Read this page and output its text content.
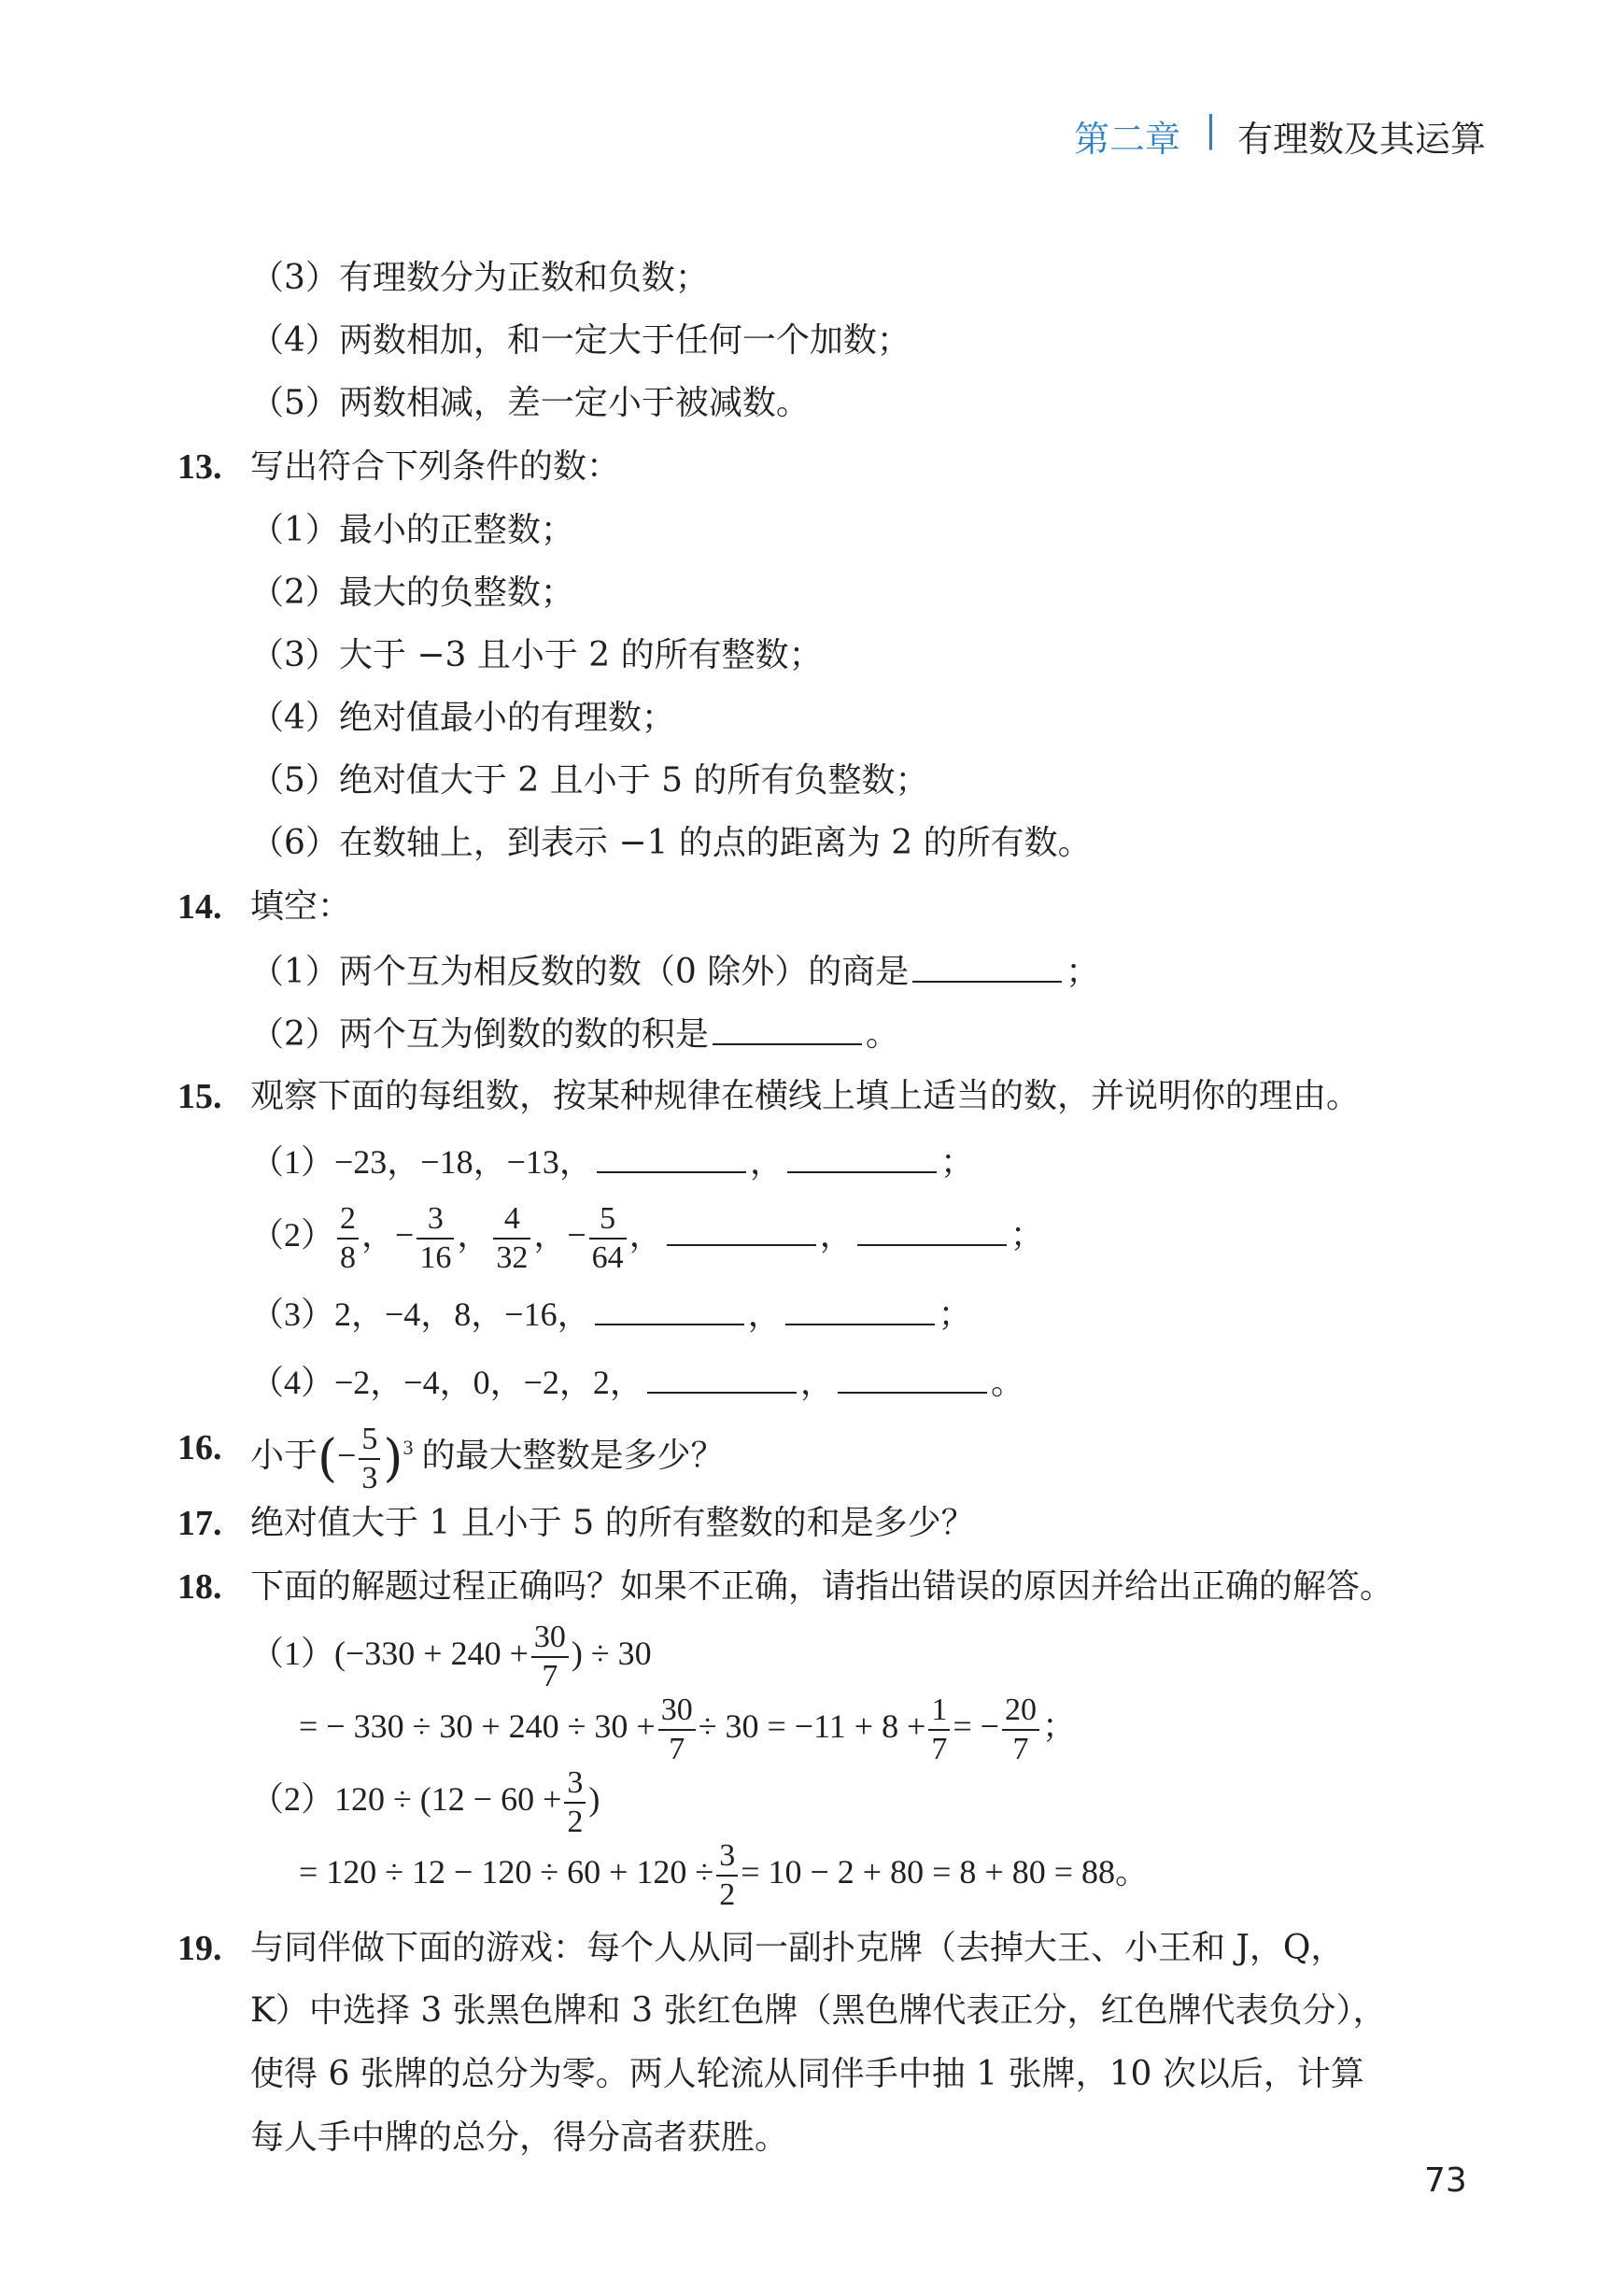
第二章 | 有理数及其运算
（3）有理数分为正数和负数；
（4）两数相加，和一定大于任何一个加数；
（5）两数相减，差一定小于被减数。
13. 写出符合下列条件的数：
（1）最小的正整数；
（2）最大的负整数；
（3）大于 −3 且小于 2 的所有整数；
（4）绝对值最小的有理数；
（5）绝对值大于 2 且小于 5 的所有负整数；
（6）在数轴上，到表示 −1 的点的距离为 2 的所有数。
14. 填空：
（1）两个互为相反数的数（0 除外）的商是	；
（2）两个互为倒数的数的积是	。
15. 观察下面的每组数，按某种规律在横线上填上适当的数，并说明你的理由。
（1）−23，−18，−13，	，	；
$(2) \frac{2}{8}$ ，− $\frac{3}{16}$ ， $\frac{4}{32}$ ，− $\frac{5}{64}$ ，	，	；
（3）2，−4，8，−16，	，	；
（4）−2，−4，0，−2，2，	，	。
16. 小于(− $\frac{5}{3} )^3$ 的最大整数是多少？
17. 绝对值大于 1 且小于 5 的所有整数的和是多少？
18. 下面的解题过程正确吗？如果不正确，请指出错误的原因并给出正确的解答。
$(1)(-330 + 240 + \frac{30}{7}$ ) ÷ 30
= − $330 \div 30 + 240 \div 30 + \frac{30}{7} \div 30 = -11 + 8 + \frac{1}{7}$ = − $\frac{20}{7}$ ；
$(2)120 \div (12 - 60 + \frac{3}{2}$ )
= $120 \div 12 - 120 \div 60 + 120 \div \frac{3}{2} = 10 - 2 + 80 = 8 + 80 = 88$。
19. 与同伴做下面的游戏：每个人从同一副扑克牌（去掉大王、小王和 J，Q，
K）中选择 3 张黑色牌和 3 张红色牌（黑色牌代表正分，红色牌代表负分），
使得 6 张牌的总分为零。两人轮流从同伴手中抽 1 张牌，10 次以后，计算
每人手中牌的总分，得分高者获胜。
73
